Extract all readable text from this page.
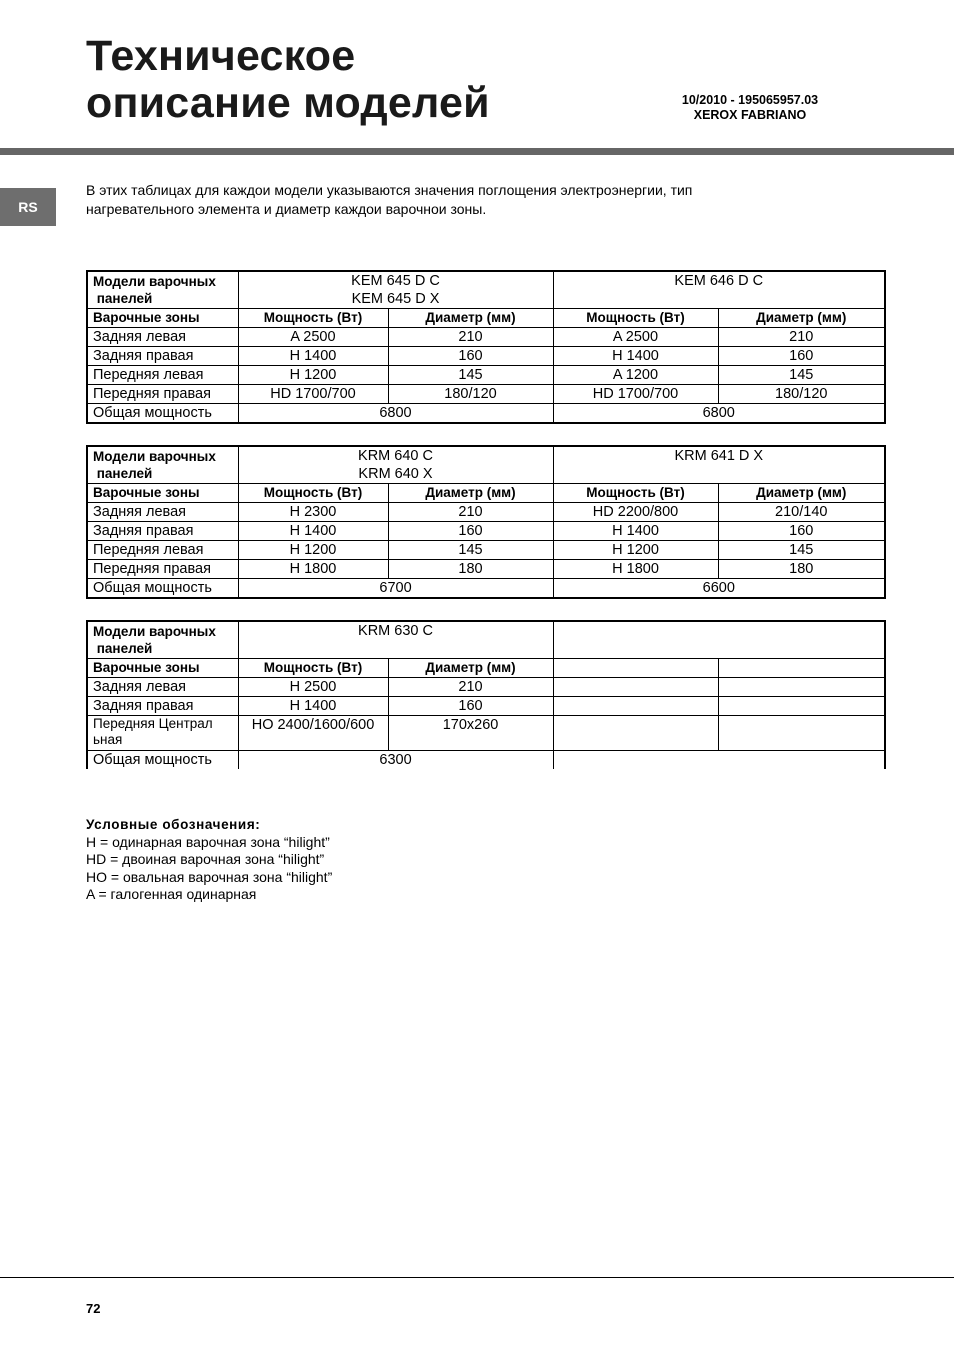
Техническое
описание моделей	10/2010 - 195065957.03
XEROX FABRIANO
RS

В этих таблицах для каждои модели указываются значения поглощения электроэнергии, тип
нагревательного элемента и диаметр каждои варочнои зоны.

Модели варочных
панелей	KEM 645 D C
KEM 645 D X		KEM 646 D C	

Варочные зоны	Мощность (Вт)	Диаметр (мм)	Мощность (Вт)	Диаметр (мм)
Задняя левая	A 2500	210	A 2500	210
Задняя правая	H 1400	160	H 1400	160
Передняя левая	H 1200	145	A 1200	145
Передняя правая	HD 1700/700	180/120	HD 1700/700	180/120
Общая мощность	6800		6800	
Модели варочных
панелей	KRM 640 C
KRM 640 X		KRM 641 D X	

Варочные зоны	Мощность (Вт)	Диаметр (мм)	Мощность (Вт)	Диаметр (мм)
Задняя левая	H 2300	210	HD 2200/800	210/140
Задняя правая	H 1400	160	H 1400	160
Передняя левая	H 1200	145	H 1200	145
Передняя правая	H 1800	180	H 1800	180
Общая мощность	6700		6600	
Модели варочных
панелей	KRM 630 C			

Варочные зоны	Мощность (Вт)	Диаметр (мм)		
Задняя левая	H 2500	210		
Задняя правая	H 1400	160		
Передняя Централ
ьная	HO 2400/1600/600	170x260		
Общая мощность	6300			
Условные обозначения:
H = одинарная варочная зона “hilight”
HD = двоиная варочная зона “hilight”
HO = овальная варочная зона “hilight”
A = галогенная одинарная
72
